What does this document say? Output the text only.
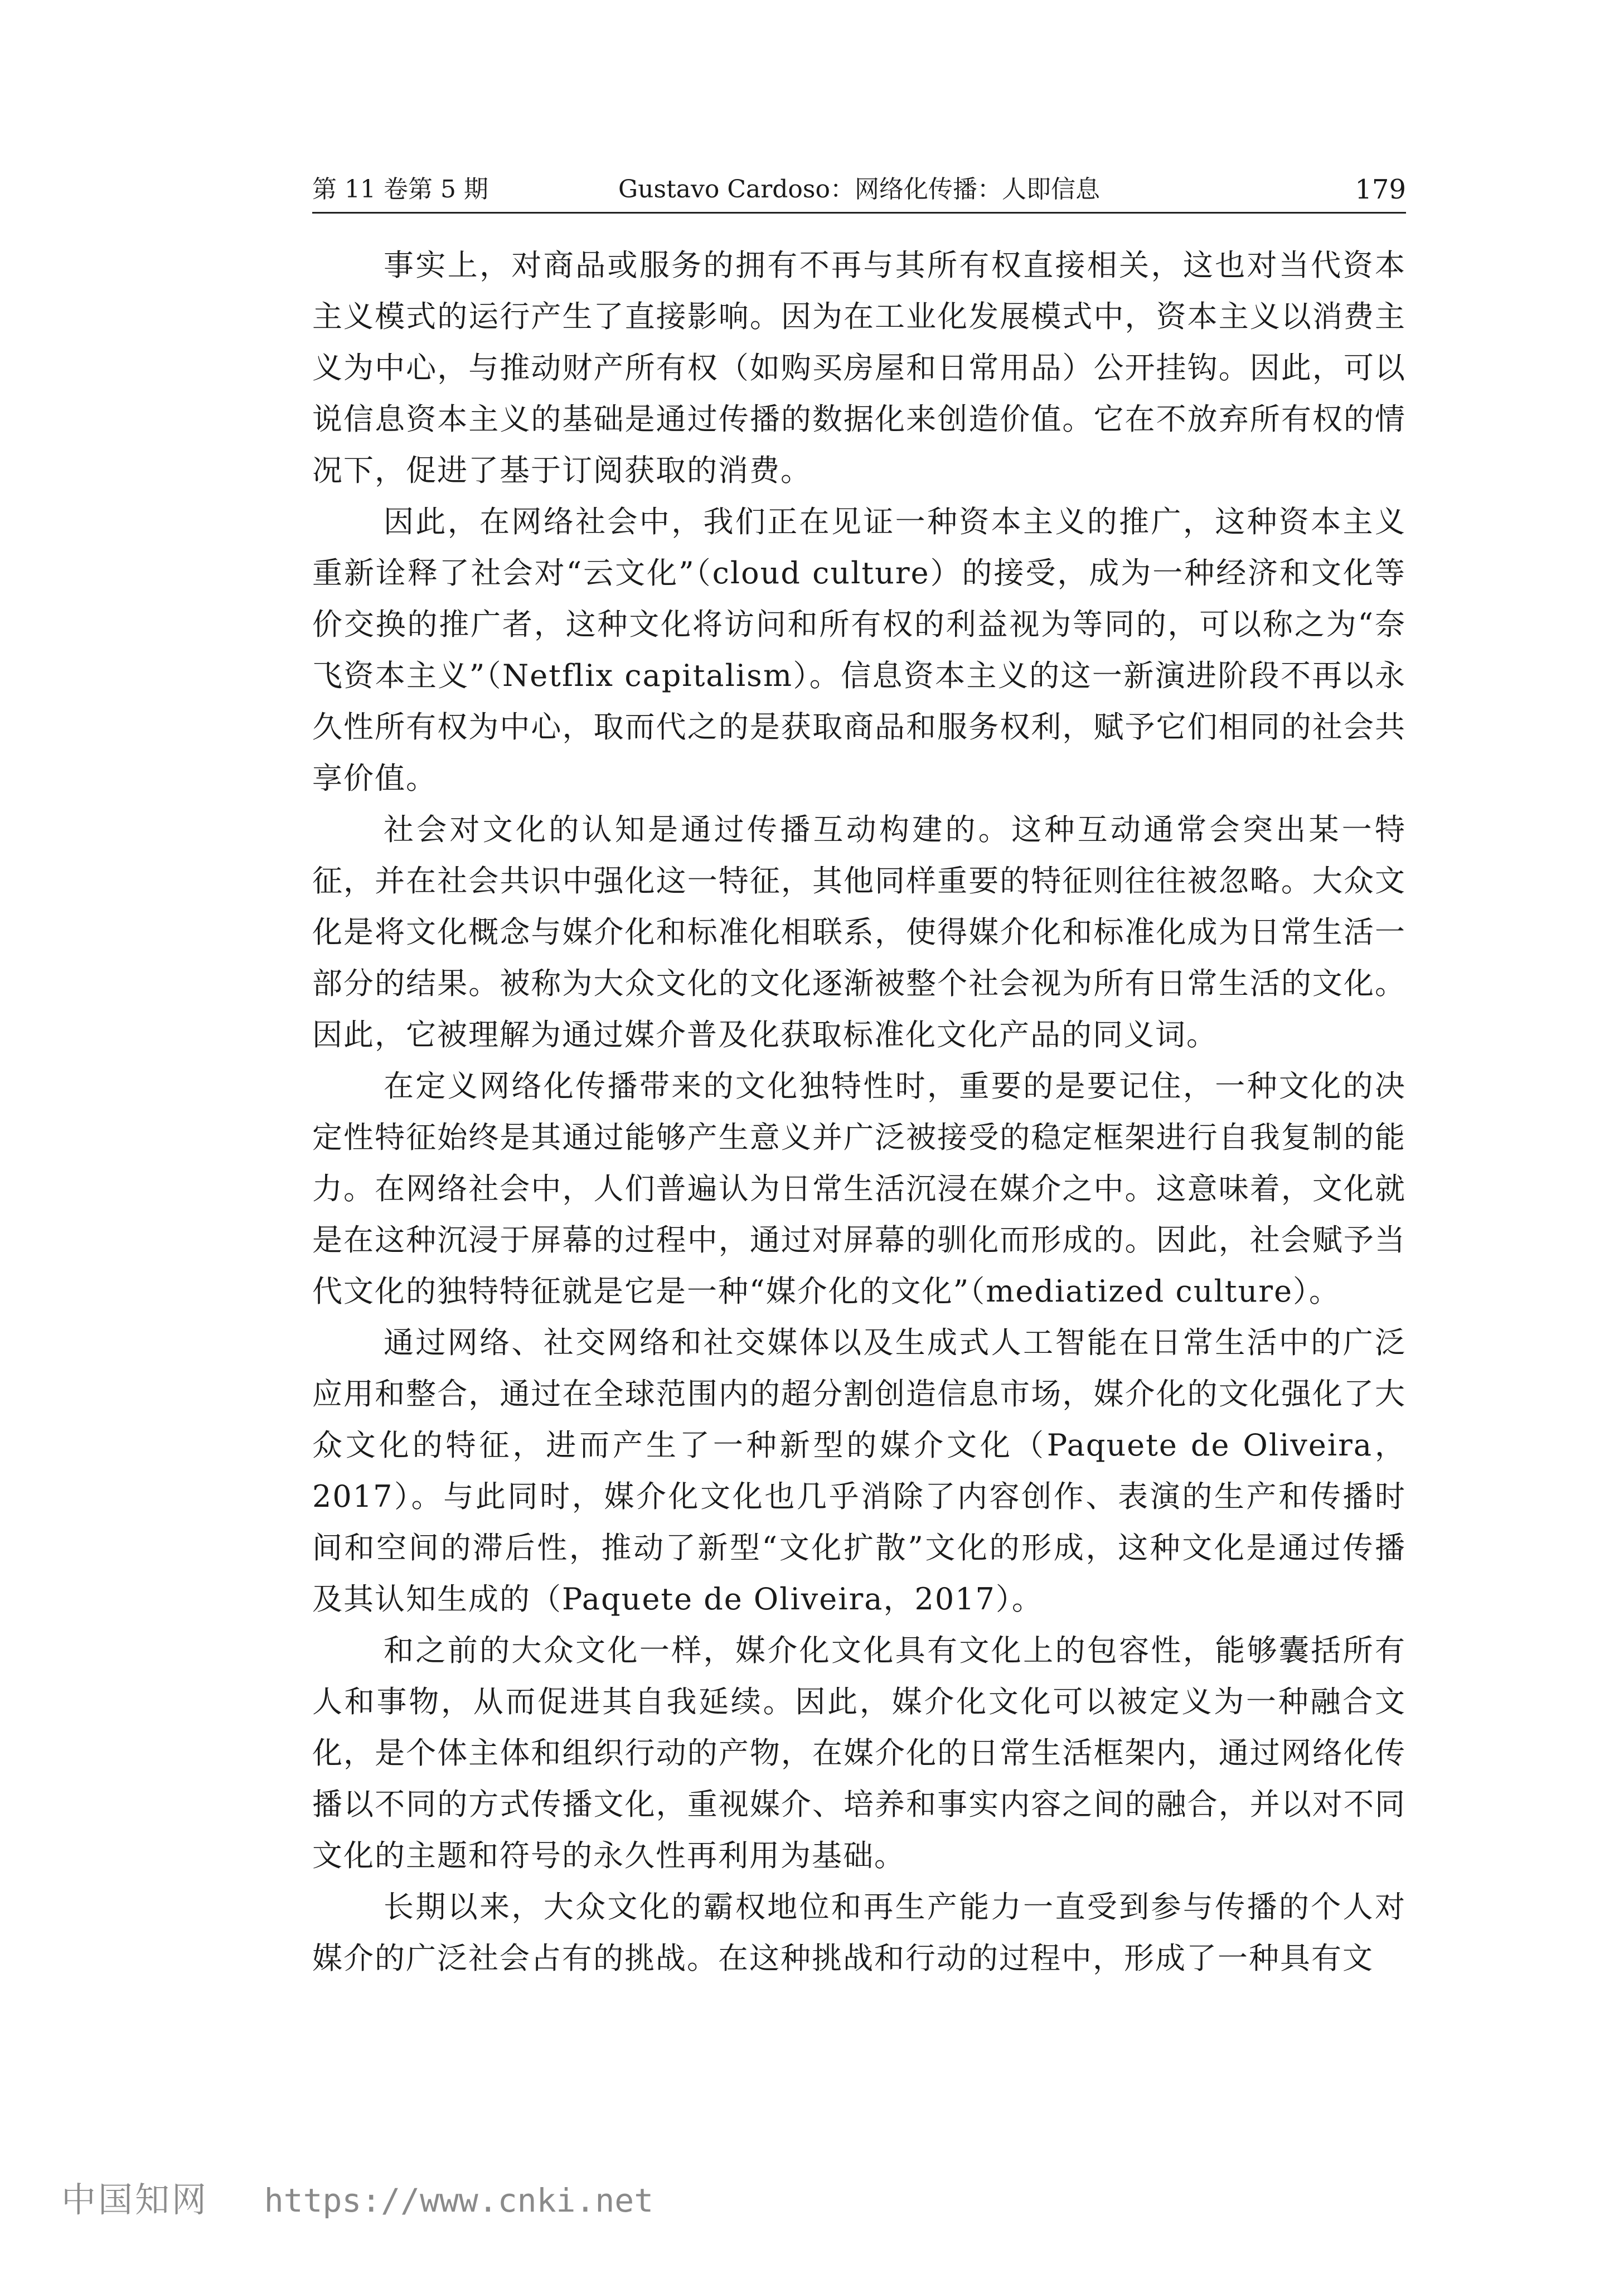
第 11 卷第 5 期	Gustavo Cardoso：网络化传播：人即信息	179

事实上，对商品或服务的拥有不再与其所有权直接相关，这也对当代资本主义模式的运行产生了直接影响。因为在工业化发展模式中，资本主义以消费主义为中心，与推动财产所有权（如购买房屋和日常用品）公开挂钩。因此，可以说信息资本主义的基础是通过传播的数据化来创造价值。它在不放弃所有权的情况下，促进了基于订阅获取的消费。

因此，在网络社会中，我们正在见证一种资本主义的推广，这种资本主义重新诠释了社会对“云文化”（cloud culture）的接受，成为一种经济和文化等价交换的推广者，这种文化将访问和所有权的利益视为等同的，可以称之为“奈飞资本主义”（Netflix capitalism）。信息资本主义的这一新演进阶段不再以永久性所有权为中心，取而代之的是获取商品和服务权利，赋予它们相同的社会共享价值。

社会对文化的认知是通过传播互动构建的。这种互动通常会突出某一特征，并在社会共识中强化这一特征，其他同样重要的特征则往往被忽略。大众文化是将文化概念与媒介化和标准化相联系，使得媒介化和标准化成为日常生活一部分的结果。被称为大众文化的文化逐渐被整个社会视为所有日常生活的文化。因此，它被理解为通过媒介普及化获取标准化文化产品的同义词。

在定义网络化传播带来的文化独特性时，重要的是要记住，一种文化的决定性特征始终是其通过能够产生意义并广泛被接受的稳定框架进行自我复制的能力。在网络社会中，人们普遍认为日常生活沉浸在媒介之中。这意味着，文化就是在这种沉浸于屏幕的过程中，通过对屏幕的驯化而形成的。因此，社会赋予当代文化的独特特征就是它是一种“媒介化的文化”（mediatized culture）。

通过网络、社交网络和社交媒体以及生成式人工智能在日常生活中的广泛应用和整合，通过在全球范围内的超分割创造信息市场，媒介化的文化强化了大众文化的特征，进而产生了一种新型的媒介文化（Paquete de Oliveira，2017）。与此同时，媒介化文化也几乎消除了内容创作、表演的生产和传播时间和空间的滞后性，推动了新型“文化扩散”文化的形成，这种文化是通过传播及其认知生成的（Paquete de Oliveira，2017）。

和之前的大众文化一样，媒介化文化具有文化上的包容性，能够囊括所有人和事物，从而促进其自我延续。因此，媒介化文化可以被定义为一种融合文化，是个体主体和组织行动的产物，在媒介化的日常生活框架内，通过网络化传播以不同的方式传播文化，重视媒介、培养和事实内容之间的融合，并以对不同文化的主题和符号的永久性再利用为基础。

长期以来，大众文化的霸权地位和再生产能力一直受到参与传播的个人对媒介的广泛社会占有的挑战。在这种挑战和行动的过程中，形成了一种具有文

中国知网 https://www.cnki.net
